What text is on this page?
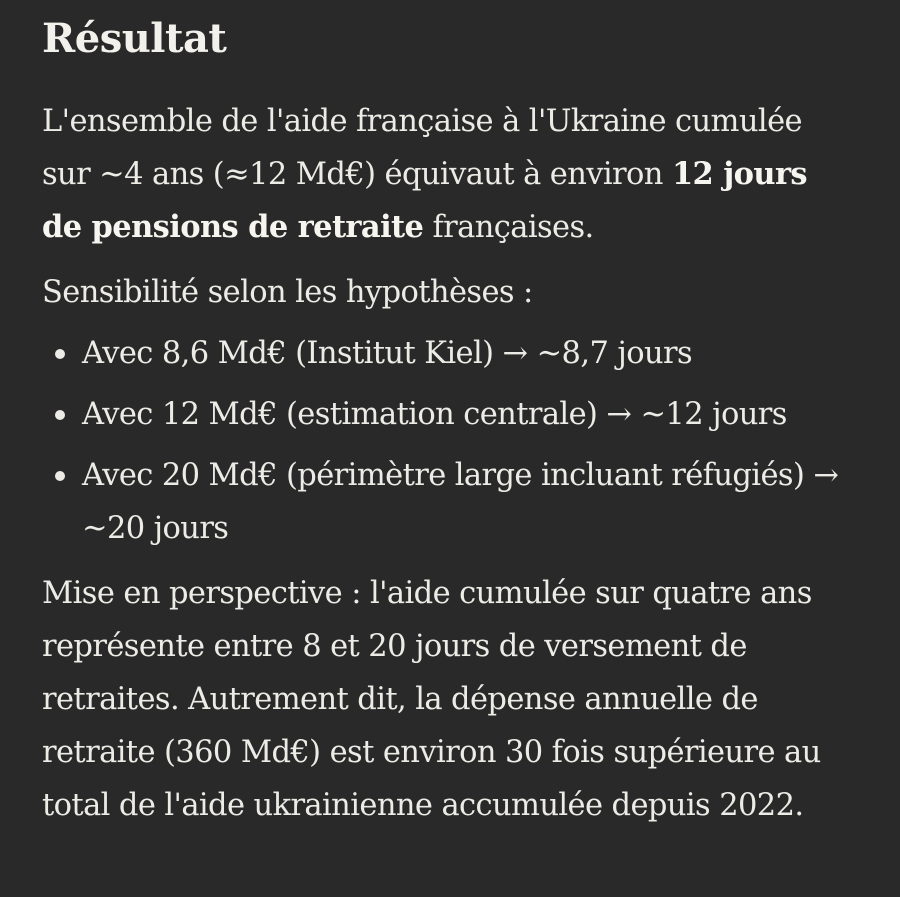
Résultat

L'ensemble de l'aide française à l'Ukraine cumulée sur ~4 ans (≈12 Md€) équivaut à environ 12 jours de pensions de retraite françaises.

Sensibilité selon les hypothèses :

Avec 8,6 Md€ (Institut Kiel) → ~8,7 jours
Avec 12 Md€ (estimation centrale) → ~12 jours
Avec 20 Md€ (périmètre large incluant réfugiés) → ~20 jours

Mise en perspective : l'aide cumulée sur quatre ans représente entre 8 et 20 jours de versement de retraites. Autrement dit, la dépense annuelle de retraite (360 Md€) est environ 30 fois supérieure au total de l'aide ukrainienne accumulée depuis 2022.
